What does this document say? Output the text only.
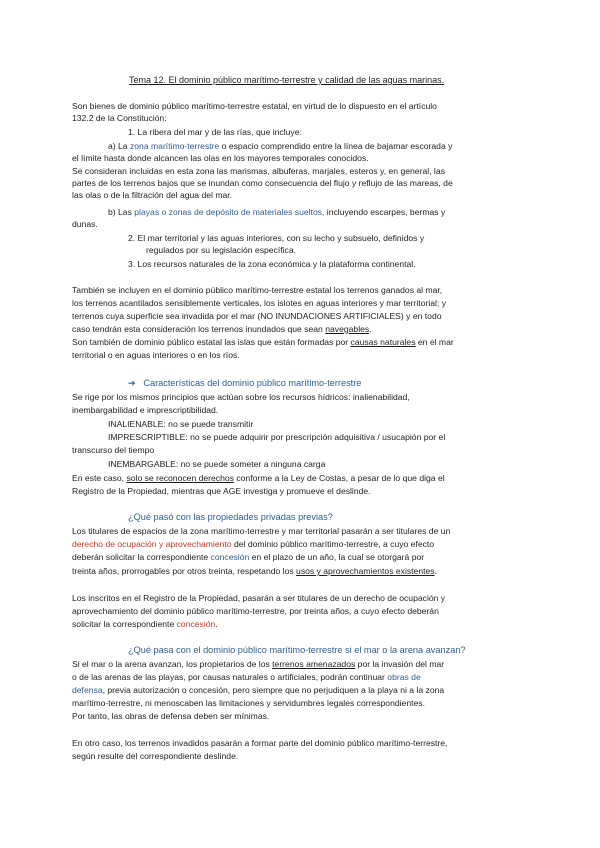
Tema 12. El dominio público marítimo-terrestre y calidad de las aguas marinas.
Son bienes de dominio público marítimo-terrestre estatal, en virtud de lo dispuesto en el artículo
132.2 de la Constitución:
1. La ribera del mar y de las rías, que incluye:
a) La zona marítimo-terrestre o espacio comprendido entre la línea de bajamar escorada y
el límite hasta donde alcancen las olas en los mayores temporales conocidos.
Se consideran incluidas en esta zona las marismas, albuferas, marjales, esteros y, en general, las
partes de los terrenos bajos que se inundan como consecuencia del flujo y reflujo de las mareas, de
las olas o de la filtración del agua del mar.
b) Las playas o zonas de depósito de materiales sueltos, incluyendo escarpes, bermas y
dunas.
2. El mar territorial y las aguas interiores, con su lecho y subsuelo, definidos y
regulados por su legislación específica.
3. Los recursos naturales de la zona económica y la plataforma continental.
También se incluyen en el dominio público marítimo-terrestre estatal los terrenos ganados al mar,
los terrenos acantilados sensiblemente verticales, los islotes en aguas interiores y mar territorial; y
terrenos cuya superficie sea invadida por el mar (NO INUNDACIONES ARTIFICIALES) y en todo
caso tendrán esta consideración los terrenos inundados que sean navegables.
Son también de dominio público estatal las islas que están formadas por causas naturales en el mar
territorial o en aguas interiores o en los ríos.
➔ Características del dominio público marítimo-terrestre
Se rige por los mismos principios que actúan sobre los recursos hídricos: inalienabilidad,
inembargabilidad e imprescriptibilidad.
INALIENABLE: no se puede transmitir
IMPRESCRIPTIBLE: no se puede adquirir por prescripción adquisitiva / usucapión por el
transcurso del tiempo
INEMBARGABLE: no se puede someter a ninguna carga
En este caso, solo se reconocen derechos conforme a la Ley de Costas, a pesar de lo que diga el
Registro de la Propiedad, mientras que AGE investiga y promueve el deslinde.
¿Qué pasó con las propiedades privadas previas?
Los titulares de espacios de la zona marítimo-terrestre y mar territorial pasarán a ser titulares de un
derecho de ocupación y aprovechamiento del dominio público marítimo-terrestre, a cuyo efecto
deberán solicitar la correspondiente concesión en el plazo de un año, la cual se otorgará por
treinta años, prorrogables por otros treinta, respetando los usos y aprovechamientos existentes.
Los inscritos en el Registro de la Propiedad, pasarán a ser titulares de un derecho de ocupación y
aprovechamiento del dominio público marítimo-terrestre, por treinta años, a cuyo efecto deberán
solicitar la correspondiente concesión.
¿Qué pasa con el dominio público marítimo-terrestre si el mar o la arena avanzan?
Si el mar o la arena avanzan, los propietarios de los terrenos amenazados por la invasión del mar
o de las arenas de las playas, por causas naturales o artificiales, podrán continuar obras de
defensa, previa autorización o concesión, pero siempre que no perjudiquen a la playa ni a la zona
marítimo-terrestre, ni menoscaben las limitaciones y servidumbres legales correspondientes.
Por tanto, las obras de defensa deben ser mínimas.
En otro caso, los terrenos invadidos pasarán a formar parte del dominio público marítimo-terrestre,
según resulte del correspondiente deslinde.
